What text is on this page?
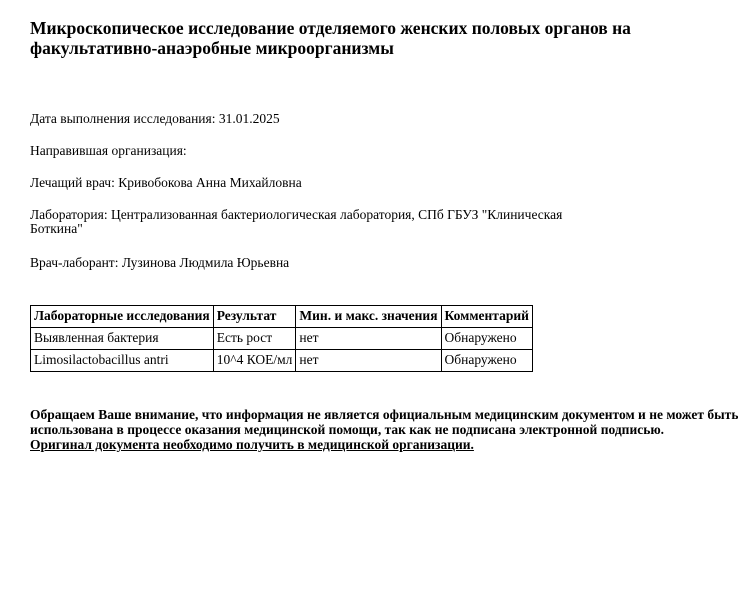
Микроскопическое исследование отделяемого женских половых органов на
факультативно-анаэробные микроорганизмы

Дата выполнения исследования: 31.01.2025

Направившая организация:

Лечащий врач: Кривобокова Анна Михайловна

Лаборатория: Централизованная бактериологическая лаборатория, СПб ГБУЗ "Клиническая
Боткина"

Врач-лаборант: Лузинова Людмила Юрьевна

Лабораторные исследования	Результат	Мин. и макс. значения	Комментарий
Выявленная бактерия	Есть рост	нет	Обнаружено
Limosilactobacillus antri	10^4 КОЕ/мл	нет	Обнаружено
Обращаем Ваше внимание, что информация не является официальным медицинским документом и не может быть
использована в процессе оказания медицинской помощи, так как не подписана электронной подписью.
Оригинал документа необходимо получить в медицинской организации.
